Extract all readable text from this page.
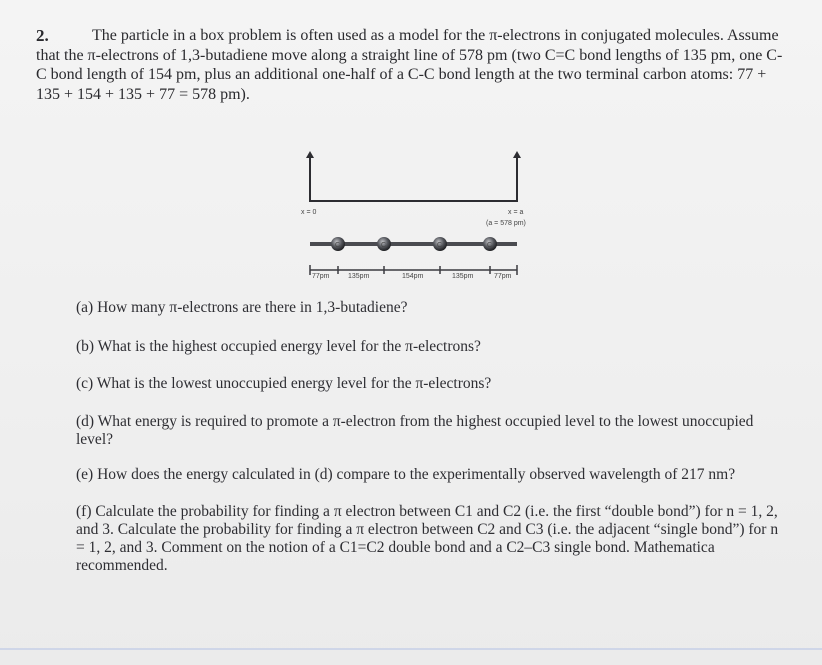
2.	The particle in a box problem is often used as a model for the π-electrons in conjugated molecules. Assume that the π-electrons of 1,3-butadiene move along a straight line of 578 pm (two C=C bond lengths of 135 pm, one C-C bond length of 154 pm, plus an additional one-half of a C-C bond length at the two terminal carbon atoms: 77 + 135 + 154 + 135 + 77 = 578 pm).
x = 0	x = a
(a = 578 pm)
C	C	C	C
77pm	135pm	154pm	135pm	77pm
(a) How many π-electrons are there in 1,3-butadiene?
(b) What is the highest occupied energy level for the π-electrons?
(c) What is the lowest unoccupied energy level for the π-electrons?
(d) What energy is required to promote a π-electron from the highest occupied level to the lowest unoccupied level?
(e) How does the energy calculated in (d) compare to the experimentally observed wavelength of 217 nm?
(f) Calculate the probability for finding a π electron between C1 and C2 (i.e. the first “double bond”) for n = 1, 2, and 3. Calculate the probability for finding a π electron between C2 and C3 (i.e. the adjacent “single bond”) for n = 1, 2, and 3. Comment on the notion of a C1=C2 double bond and a C2–C3 single bond. Mathematica recommended.
